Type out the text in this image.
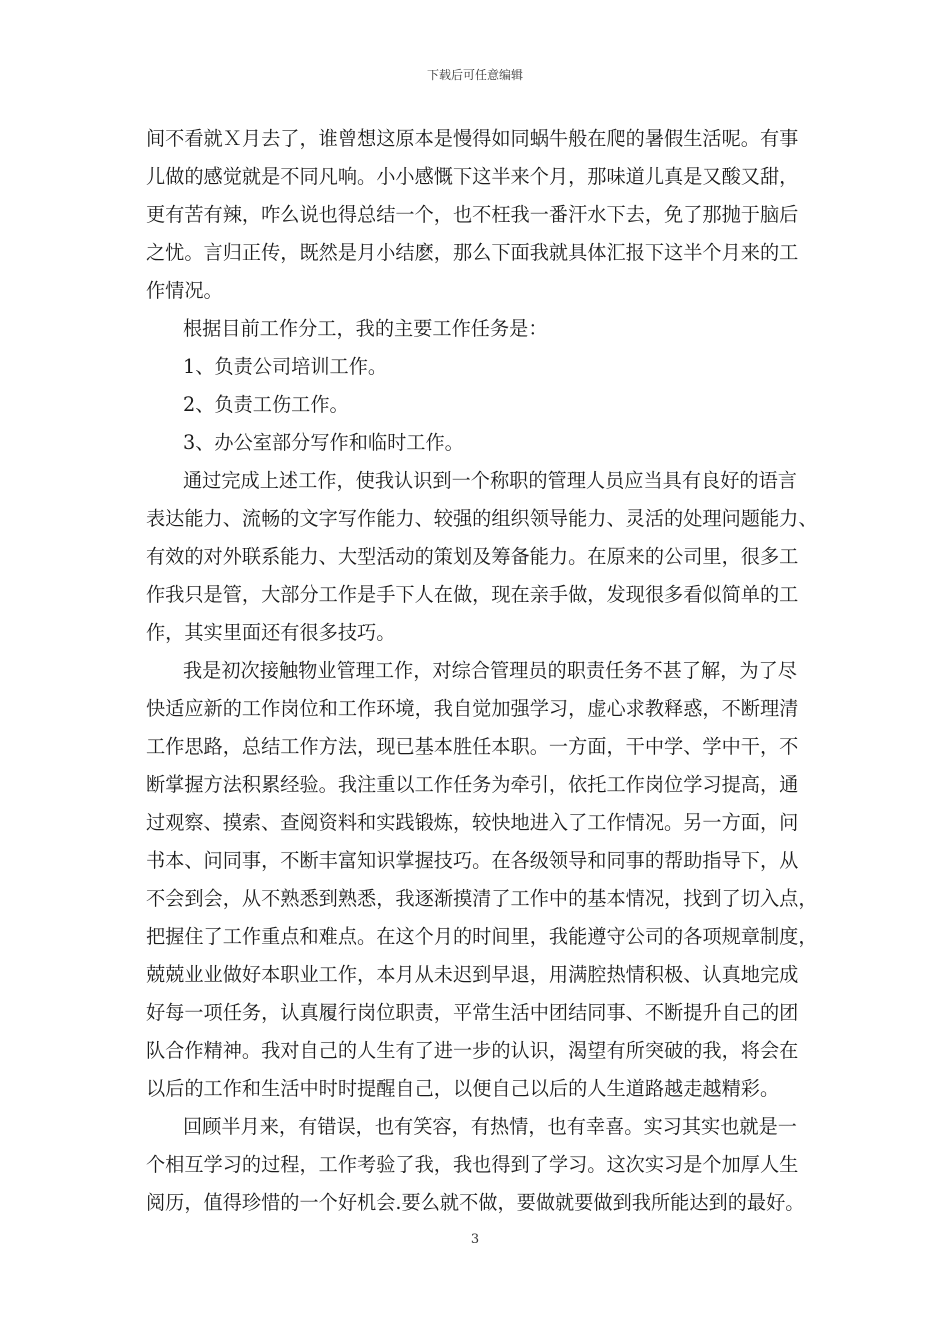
下载后可任意编辑
间不看就Ｘ月去了，谁曾想这原本是慢得如同蜗牛般在爬的暑假生活呢。有事
儿做的感觉就是不同凡响。小小感慨下这半来个月，那味道儿真是又酸又甜，
更有苦有辣，咋么说也得总结一个，也不枉我一番汗水下去，免了那抛于脑后
之忧。言归正传，既然是月小结麽，那么下面我就具体汇报下这半个月来的工
作情况。
根据目前工作分工，我的主要工作任务是：
1、负责公司培训工作。
2、负责工伤工作。
3、办公室部分写作和临时工作。
通过完成上述工作，使我认识到一个称职的管理人员应当具有良好的语言
表达能力、流畅的文字写作能力、较强的组织领导能力、灵活的处理问题能力、
有效的对外联系能力、大型活动的策划及筹备能力。在原来的公司里，很多工
作我只是管，大部分工作是手下人在做，现在亲手做，发现很多看似简单的工
作，其实里面还有很多技巧。
我是初次接触物业管理工作，对综合管理员的职责任务不甚了解，为了尽
快适应新的工作岗位和工作环境，我自觉加强学习，虚心求教释惑，不断理清
工作思路，总结工作方法，现已基本胜任本职。一方面，干中学、学中干，不
断掌握方法积累经验。我注重以工作任务为牵引，依托工作岗位学习提高，通
过观察、摸索、查阅资料和实践锻炼，较快地进入了工作情况。另一方面，问
书本、问同事，不断丰富知识掌握技巧。在各级领导和同事的帮助指导下，从
不会到会，从不熟悉到熟悉，我逐渐摸清了工作中的基本情况，找到了切入点，
把握住了工作重点和难点。在这个月的时间里，我能遵守公司的各项规章制度，
兢兢业业做好本职业工作，本月从未迟到早退，用满腔热情积极、认真地完成
好每一项任务，认真履行岗位职责，平常生活中团结同事、不断提升自己的团
队合作精神。我对自己的人生有了进一步的认识，渴望有所突破的我，将会在
以后的工作和生活中时时提醒自己，以便自己以后的人生道路越走越精彩。
回顾半月来，有错误，也有笑容，有热情，也有幸喜。实习其实也就是一
个相互学习的过程，工作考验了我，我也得到了学习。这次实习是个加厚人生
阅历，值得珍惜的一个好机会.要么就不做，要做就要做到我所能达到的最好。
3
